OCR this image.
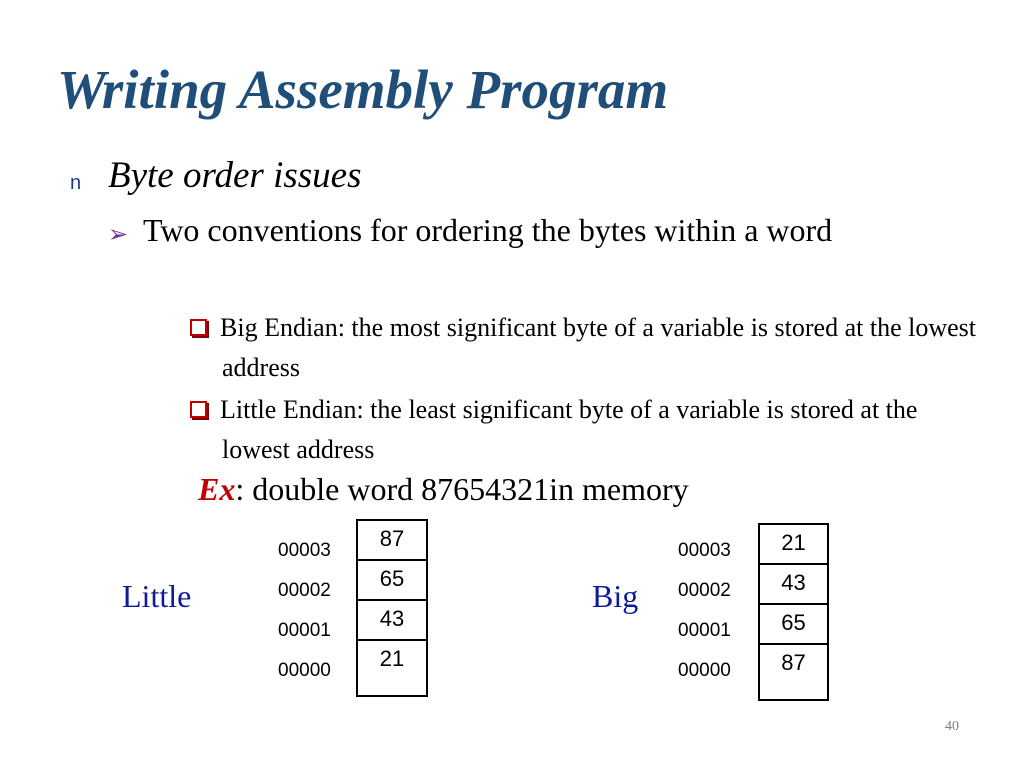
Writing Assembly Program
n Byte order issues
➢ Two conventions for ordering the bytes within a word
Big Endian: the most significant byte of a variable is stored at the lowest address
Little Endian: the least significant byte of a variable is stored at the lowest address
Ex: double word 87654321in memory
Little
00003
00002
00001
00000
87
65
43
21
Big
00003
00002
00001
00000
21
43
65
87
40
